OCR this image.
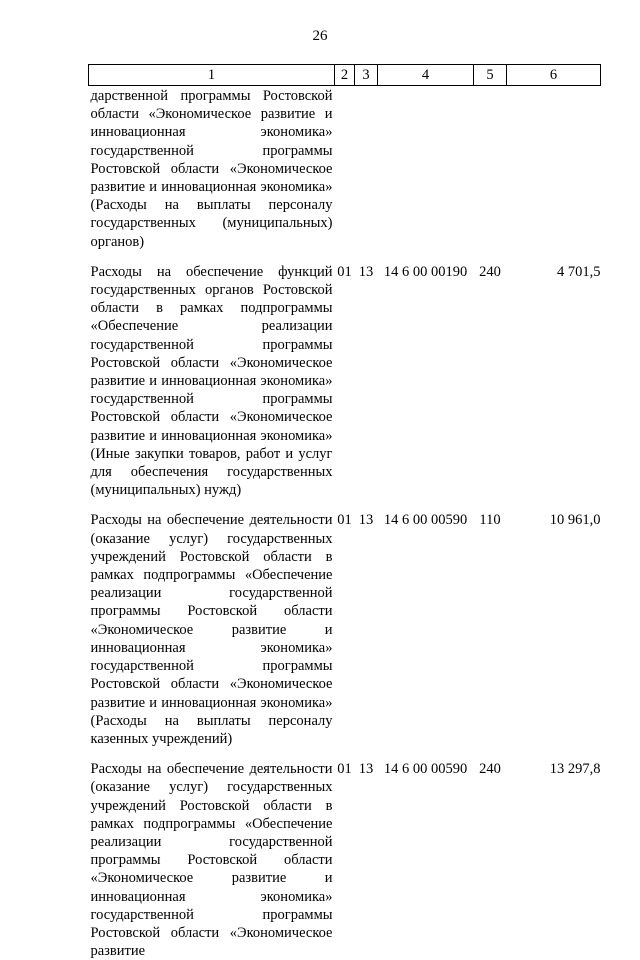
26
1	2	3	4	5	6
дарственной программы Ростовской области «Экономическое развитие и инновационная экономика» государственной программы Ростовской области «Экономическое развитие и инновационная экономика» (Расходы на выплаты персоналу государственных (муниципальных) органов)					
Расходы на обеспечение функций государственных органов Ростовской области в рамках подпрограммы «Обеспечение реализации государственной программы Ростовской области «Экономическое развитие и инновационная экономика» государственной программы Ростовской области «Экономическое развитие и инновационная экономика» (Иные закупки товаров, работ и услуг для обеспечения государственных (муниципальных) нужд)	01	13	14 6 00 00190	240	4 701,5
Расходы на обеспечение деятельности (оказание услуг) государственных учреждений Ростовской области в рамках подпрограммы «Обеспечение реализации государственной программы Ростовской области «Экономическое развитие и инновационная экономика» государственной программы Ростовской области «Экономическое развитие и инновационная экономика» (Расходы на выплаты персоналу казенных учреждений)	01	13	14 6 00 00590	110	10 961,0
Расходы на обеспечение деятельности (оказание услуг) государственных учреждений Ростовской области в рамках подпрограммы «Обеспечение реализации государственной программы Ростовской области «Экономическое развитие и инновационная экономика» государственной программы Ростовской области «Экономическое развитие	01	13	14 6 00 00590	240	13 297,8
